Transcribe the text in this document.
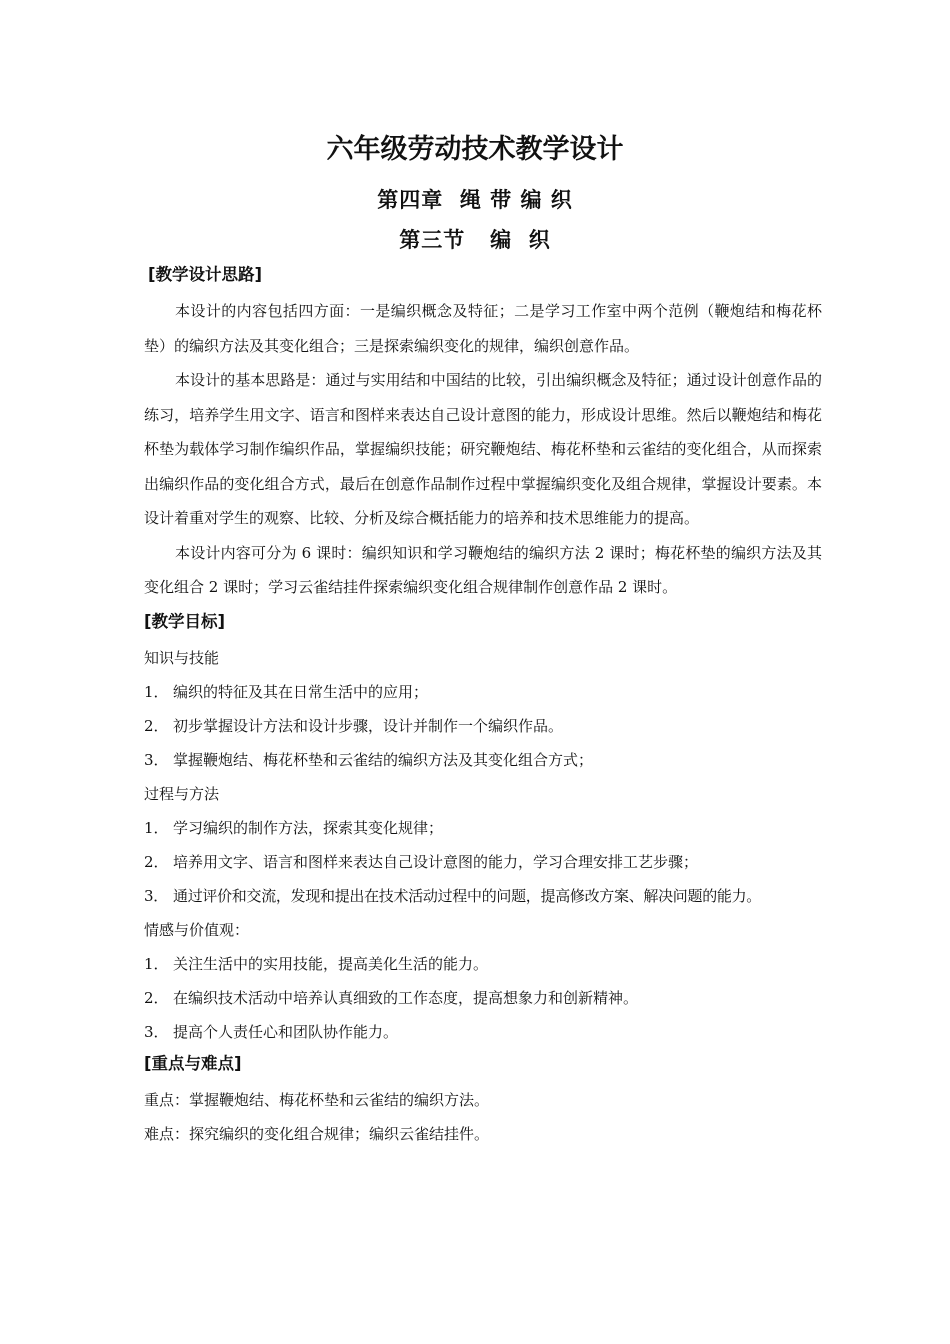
六年级劳动技术教学设计
第四章  绳 带 编 织
第三节   编  织

[教学设计思路]

本设计的内容包括四方面：一是编织概念及特征；二是学习工作室中两个范例（鞭炮结和梅花杯垫）的编织方法及其变化组合；三是探索编织变化的规律，编织创意作品。

本设计的基本思路是：通过与实用结和中国结的比较，引出编织概念及特征；通过设计创意作品的练习，培养学生用文字、语言和图样来表达自己设计意图的能力，形成设计思维。然后以鞭炮结和梅花杯垫为载体学习制作编织作品，掌握编织技能；研究鞭炮结、梅花杯垫和云雀结的变化组合，从而探索出编织作品的变化组合方式，最后在创意作品制作过程中掌握编织变化及组合规律，掌握设计要素。本设计着重对学生的观察、比较、分析及综合概括能力的培养和技术思维能力的提高。

本设计内容可分为 6 课时：编织知识和学习鞭炮结的编织方法 2 课时；梅花杯垫的编织方法及其变化组合 2 课时；学习云雀结挂件探索编织变化组合规律制作创意作品 2 课时。

[教学目标]

知识与技能

1． 编织的特征及其在日常生活中的应用；

2． 初步掌握设计方法和设计步骤，设计并制作一个编织作品。

3． 掌握鞭炮结、梅花杯垫和云雀结的编织方法及其变化组合方式；

过程与方法

1． 学习编织的制作方法，探索其变化规律；

2． 培养用文字、语言和图样来表达自己设计意图的能力，学习合理安排工艺步骤；

3． 通过评价和交流，发现和提出在技术活动过程中的问题，提高修改方案、解决问题的能力。

情感与价值观：

1． 关注生活中的实用技能，提高美化生活的能力。

2． 在编织技术活动中培养认真细致的工作态度，提高想象力和创新精神。

3． 提高个人责任心和团队协作能力。

[重点与难点]

重点：掌握鞭炮结、梅花杯垫和云雀结的编织方法。

难点：探究编织的变化组合规律；编织云雀结挂件。
